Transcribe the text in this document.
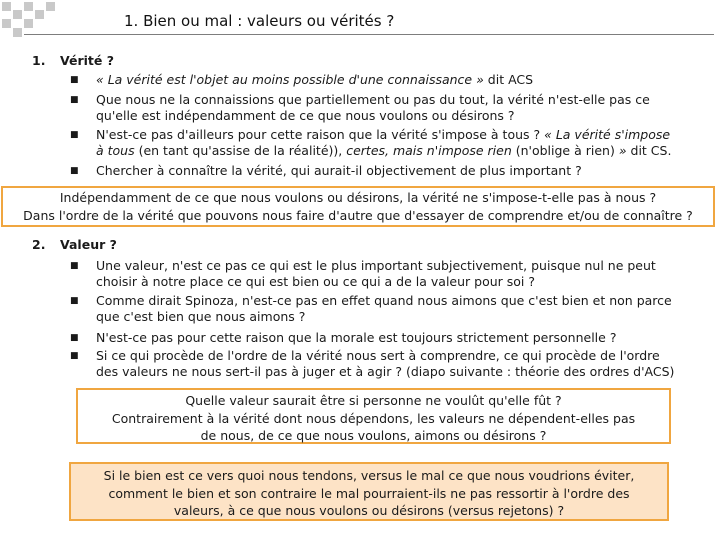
1. Bien ou mal : valeurs ou vérités ?
1. Vérité ?
■ « La vérité est l'objet au moins possible d'une connaissance » dit ACS
■ Que nous ne la connaissions que partiellement ou pas du tout, la vérité n'est-elle pas ce
qu'elle est indépendamment de ce que nous voulons ou désirons ?
■ N'est-ce pas d'ailleurs pour cette raison que la vérité s'impose à tous ? « La vérité s'impose
à tous (en tant qu'assise de la réalité)), certes, mais n'impose rien (n'oblige à rien) » dit CS.
■ Chercher à connaître la vérité, qui aurait-il objectivement de plus important ?

Indépendamment de ce que nous voulons ou désirons, la vérité ne s'impose-t-elle pas à nous ?

Dans l'ordre de la vérité que pouvons nous faire d'autre que d'essayer de comprendre et/ou de connaître ?

2. Valeur ?
■ Une valeur, n'est ce pas ce qui est le plus important subjectivement, puisque nul ne peut
choisir à notre place ce qui est bien ou ce qui a de la valeur pour soi ?
■ Comme dirait Spinoza, n'est-ce pas en effet quand nous aimons que c'est bien et non parce
que c'est bien que nous aimons ?
■ N'est-ce pas pour cette raison que la morale est toujours strictement personnelle ?
■ Si ce qui procède de l'ordre de la vérité nous sert à comprendre, ce qui procède de l'ordre
des valeurs ne nous sert-il pas à juger et à agir ? (diapo suivante : théorie des ordres d'ACS)

Quelle valeur saurait être si personne ne voulût qu'elle fût ?

Contrairement à la vérité dont nous dépendons, les valeurs ne dépendent-elles pas

de nous, de ce que nous voulons, aimons ou désirons ?

Si le bien est ce vers quoi nous tendons, versus le mal ce que nous voudrions éviter,

comment le bien et son contraire le mal pourraient-ils ne pas ressortir à l'ordre des

valeurs, à ce que nous voulons ou désirons (versus rejetons) ?
